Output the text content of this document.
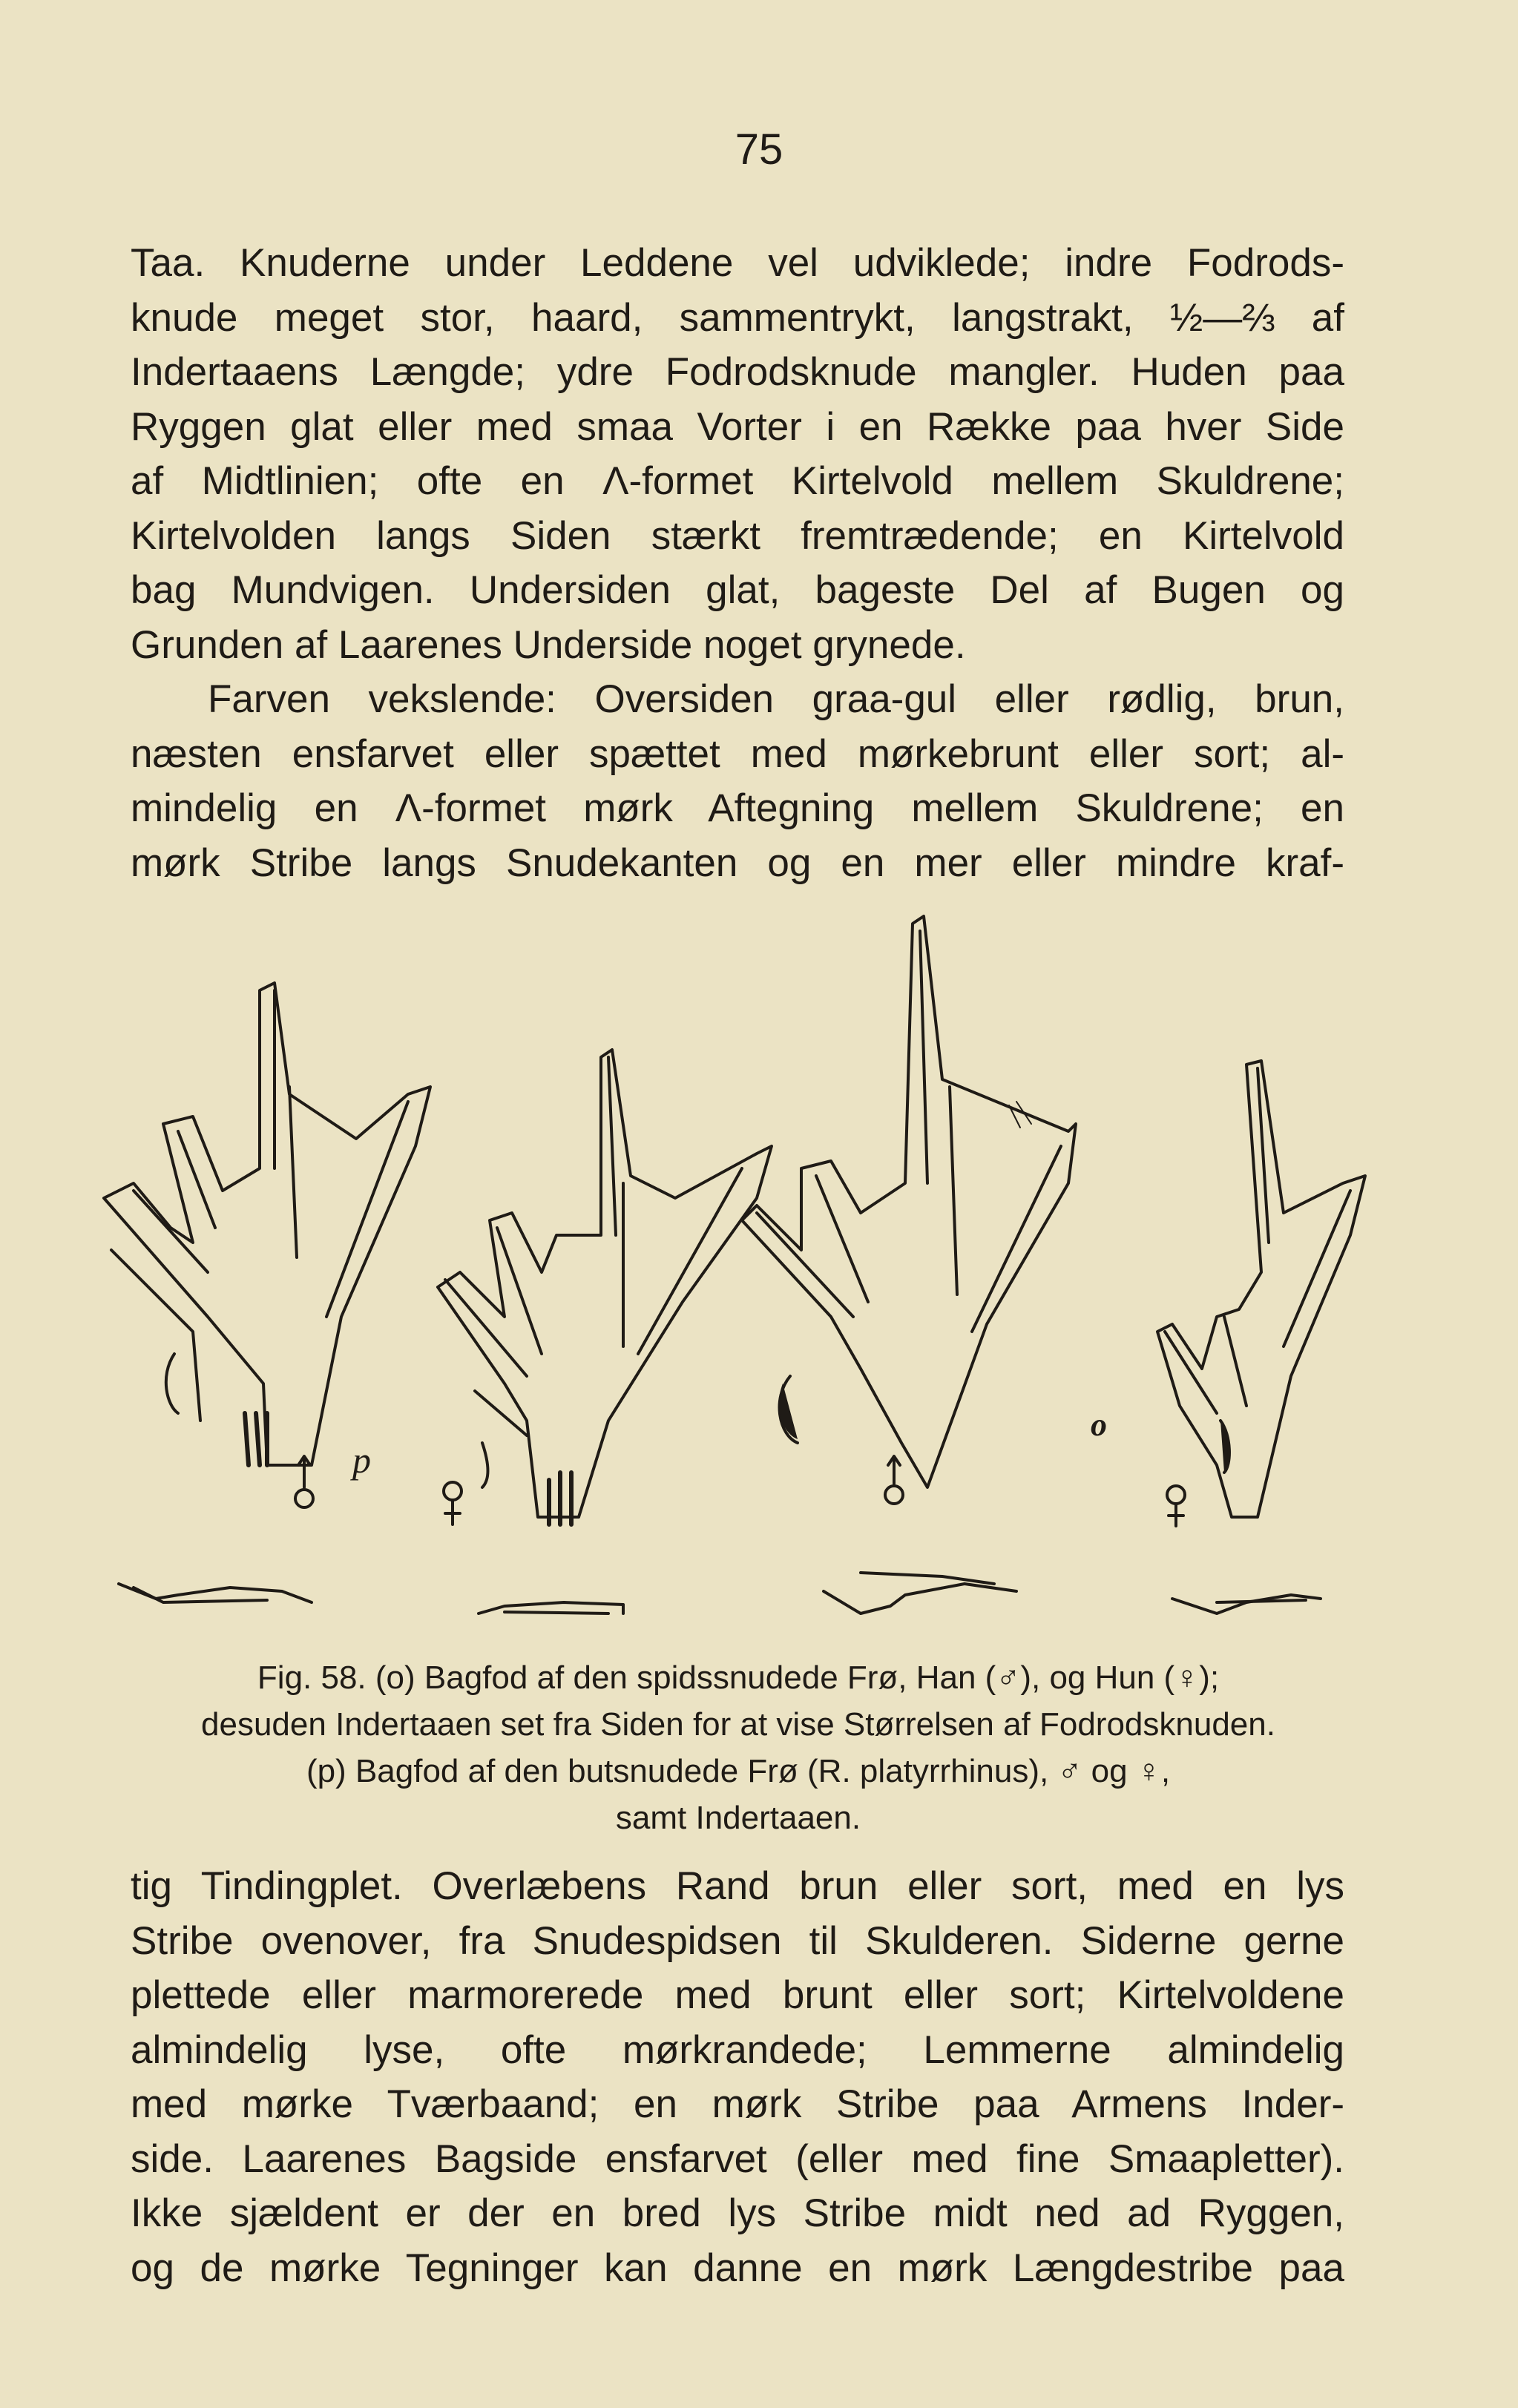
75
Taa. Knuderne under Leddene vel udviklede; indre Fodrods-
knude meget stor, haard, sammentrykt, langstrakt, ½—⅔ af
Indertaaens Længde; ydre Fodrodsknude mangler. Huden paa
Ryggen glat eller med smaa Vorter i en Række paa hver Side
af Midtlinien; ofte en Λ-formet Kirtelvold mellem Skuldrene;
Kirtelvolden langs Siden stærkt fremtrædende; en Kirtelvold
bag Mundvigen. Undersiden glat, bageste Del af Bugen og
Grunden af Laarenes Underside noget grynede.
Farven vekslende: Oversiden graa-gul eller rødlig, brun,
næsten ensfarvet eller spættet med mørkebrunt eller sort; al-
mindelig en Λ-formet mørk Aftegning mellem Skuldrene; en
mørk Stribe langs Snudekanten og en mer eller mindre kraf-
p
o
Fig. 58. (o) Bagfod af den spidssnudede Frø, Han (♂), og Hun (♀);
desuden Indertaaen set fra Siden for at vise Størrelsen af Fodrodsknuden.
(p) Bagfod af den butsnudede Frø (R. platyrrhinus), ♂ og ♀,
samt Indertaaen.
tig Tindingplet. Overlæbens Rand brun eller sort, med en lys
Stribe ovenover, fra Snudespidsen til Skulderen. Siderne gerne
plettede eller marmorerede med brunt eller sort; Kirtelvoldene
almindelig lyse, ofte mørkrandede; Lemmerne almindelig
med mørke Tværbaand; en mørk Stribe paa Armens Inder-
side. Laarenes Bagside ensfarvet (eller med fine Smaapletter).
Ikke sjældent er der en bred lys Stribe midt ned ad Ryggen,
og de mørke Tegninger kan danne en mørk Længdestribe paa
